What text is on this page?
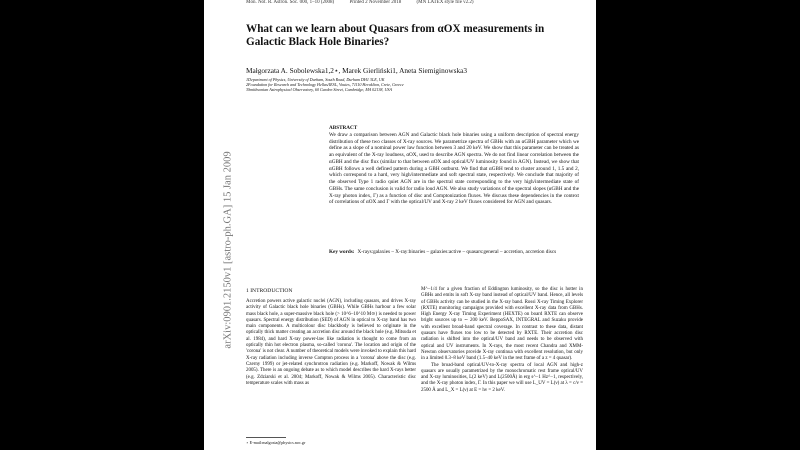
Mon. Not. R. Astron. Soc. 000, 1–10 (2008)	Printed 2 November 2018	(MN LATEX style file v2.2)
What can we learn about Quasars from αOX measurements in Galactic Black Hole Binaries?
Małgorzata A. Sobolewska1,2⋆, Marek Gierliński1, Aneta Siemiginowska3
1Department of Physics, University of Durham, South Road, Durham DH1 3LE, UK
2Foundation for Research and Technology Hellas/IESL, Voutes, 71110 Heraklion, Crete, Greece
3Smithsonian Astrophysical Observatory, 60 Garden Street, Cambridge, MA 02138, USA
arXiv:0901.2150v1 [astro-ph.GA] 15 Jan 2009
ABSTRACT
We draw a comparison between AGN and Galactic black hole binaries using a uniform description of spectral energy distribution of these two classes of X-ray sources. We parametrize spectra of GBHs with an αGBH parameter which we define as a slope of a nominal power law function between 3 and 20 keV. We show that this parameter can be treated as an equivalent of the X-ray loudness, αOX, used to describe AGN spectra. We do not find linear correlation between the αGBH and the disc flux (similar to that between αOX and optical/UV luminosity found in AGN). Instead, we show that αGBH follows a well defined pattern during a GBH outburst. We find that αGBH tend to cluster around 1, 1.5 and 2, which correspond to a hard, very high/intermediate and soft spectral state, respectively. We conclude that majority of the observed Type 1 radio quiet AGN are in the spectral state corresponding to the very high/intermediate state of GBHs. The same conclusion is valid for radio loud AGN. We also study variations of the spectral slopes (αGBH and the X-ray photon index, Γ) as a function of disc and Comptonization fluxes. We discuss these dependencies in the context of correlations of αOX and Γ with the optical/UV and X-ray 2 keV fluxes considered for AGN and quasars.
Key words: X-rays:galaxies – X-ray:binaries – galaxies:active – quasars:general – accretion, accretion discs
1 INTRODUCTION
Accretion powers active galactic nuclei (AGN), including quasars, and drives X-ray activity of Galactic black hole binaries (GBHs). While GBHs harbour a few solar mass black hole, a super-massive black hole (> 10^6–10^10 M⊙) is needed to power quasars. Spectral energy distribution (SED) of AGN in optical to X-ray band has two main components. A multicolour disc blackbody is believed to originate in the optically thick matter creating an accretion disc around the black hole (e.g. Mitsuda et al. 1984), and hard X-ray power-law like radiation is thought to come from an optically thin hot electron plasma, so-called 'corona'. The location and origin of the 'corona' is not clear. A number of theoretical models were invoked to explain this hard X-ray radiation including inverse Compton process in a 'corona' above the disc (e.g. Czerny 1999) or jet-related synchrotron radiation (e.g. Markoff, Nowak & Wilms 2005). There is an ongoing debate as to which model describes the hard X-rays better (e.g. Zdziarski et al. 2004; Markoff, Nowak & Wilms 2005). Characteristic disc temperature scales with mass as

M^−1/4 for a given fraction of Eddington luminosity, so the disc is hotter in GBHs and emits in soft X-ray band instead of optical/UV band. Hence, all levels of GBHs activity can be studied in the X-ray band. Rossi X-ray Timing Explorer (RXTE) monitoring campaigns provided with excellent X-ray data from GBHs. High Energy X-ray Timing Experiment (HEXTE) on board RXTE can observe bright sources up to ∼ 200 keV. BeppoSAX, INTEGRAL and Suzaku provide with excellent broad-band spectral coverage. In contrast to these data, distant quasars have fluxes too low to be detected by RXTE. Their accretion disc radiation is shifted into the optical/UV band and needs to be observed with optical and UV instruments. In X-rays, the most recent Chandra and XMM-Newton observatories provide X-ray continua with excellent resolution, but only in a limited 0.3–8 keV band (1.5–40 keV in the rest frame of a z = 4 quasar).

The broad-band optical/UV-to-X-ray spectra of local AGN and high-z quasars are usually parametrized by the monochromatic rest frame optical/UV and X-ray luminosities, L(2 keV) and L(2500Å) in erg s^−1 Hz^−1, respectively, and the X-ray photon index, Γ. In this paper we will use L_UV = L(ν) at λ = c/ν = 2500 Å and L_X = L(ν) at E = hν = 2 keV.

⋆ E-mail:malgosia@physics.noc.gr
